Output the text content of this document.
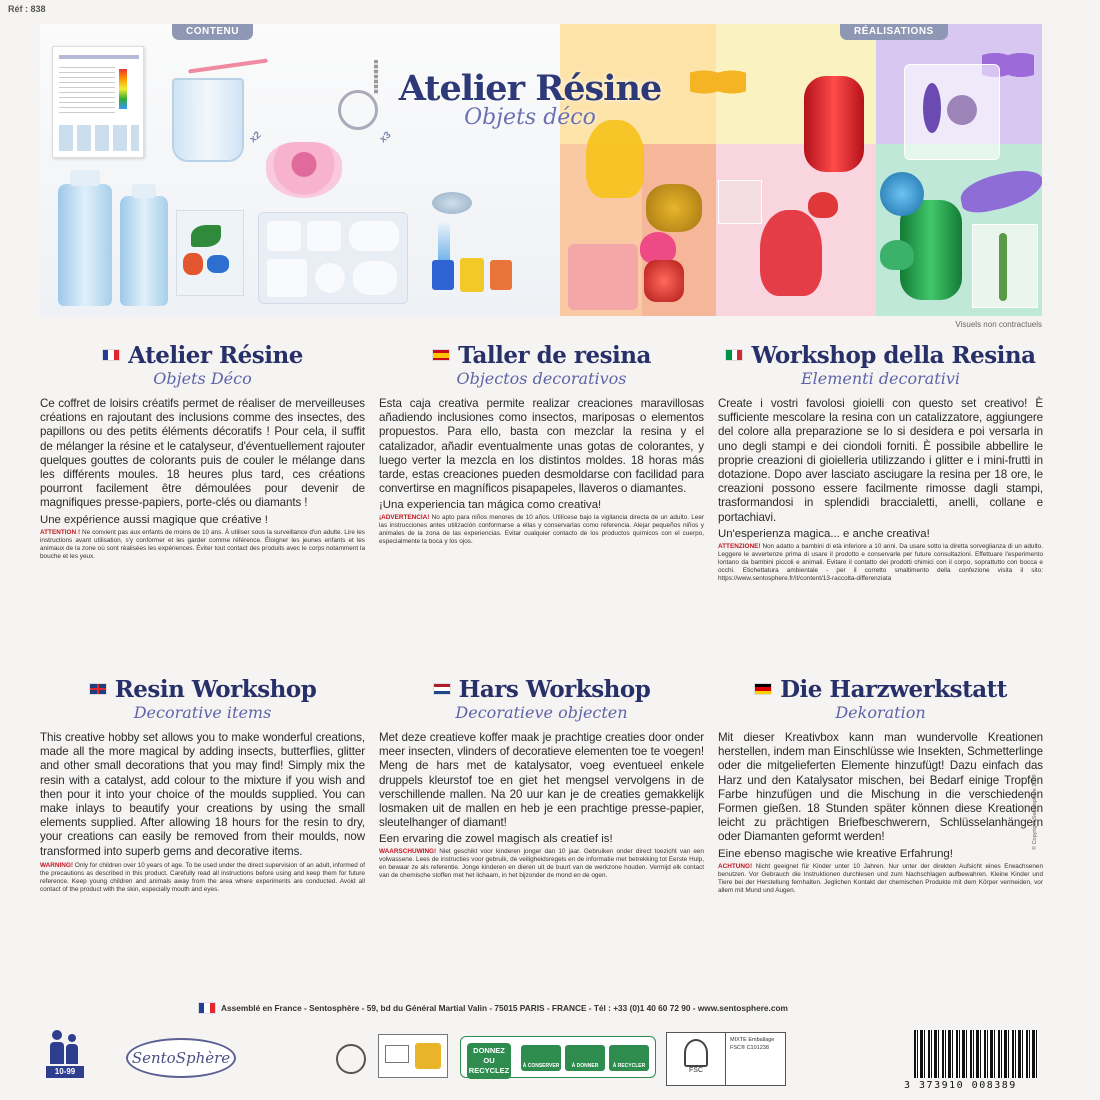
Réf : 838
CONTENU
x2	x3
RÉALISATIONS
Atelier Résine
Objets déco
Visuels non contractuels
Atelier Résine
Objets Déco
Ce coffret de loisirs créatifs permet de réaliser de merveilleuses créations en rajoutant des inclusions comme des insectes, des papillons ou des petits éléments décoratifs ! Pour cela, il suffit de mélanger la résine et le catalyseur, d'éventuellement rajouter quelques gouttes de colorants puis de couler le mélange dans les différents moules. 18 heures plus tard, ces créations pourront facilement être démoulées pour devenir de magnifiques presse-papiers, porte-clés ou diamants !
Une expérience aussi magique que créative !
ATTENTION ! Ne convient pas aux enfants de moins de 10 ans. À utiliser sous la surveillance d'un adulte. Lire les instructions avant utilisation, s'y conformer et les garder comme référence. Éloigner les jeunes enfants et les animaux de la zone où sont réalisées les expériences. Éviter tout contact des produits avec le corps notamment la bouche et les yeux.
Taller de resina
Objectos decorativos
Esta caja creativa permite realizar creaciones maravillosas añadiendo inclusiones como insectos, mariposas o elementos propuestos. Para ello, basta con mezclar la resina y el catalizador, añadir eventualmente unas gotas de colorantes, y luego verter la mezcla en los distintos moldes. 18 horas más tarde, estas creaciones pueden desmoldarse con facilidad para convertirse en magníficos pisapapeles, llaveros o diamantes.
¡Una experiencia tan mágica como creativa!
¡ADVERTENCIA! No apto para niños menores de 10 años. Utilícese bajo la vigilancia directa de un adulto. Leer las instrucciones antes utilización conformarse a ellas y conservarlas como referencia. Alejar pequeños niños y animales de la zona de las experiencias. Evitar cualquier contacto de los productos químicos con el cuerpo, especialmente la boca y los ojos.
Workshop della Resina
Elementi decorativi
Create i vostri favolosi gioielli con questo set creativo! È sufficiente mescolare la resina con un catalizzatore, aggiungere del colore alla preparazione se lo si desidera e poi versarla in uno degli stampi e dei ciondoli forniti. È possibile abbellire le proprie creazioni di gioielleria utilizzando i glitter e i mini-frutti in dotazione. Dopo aver lasciato asciugare la resina per 18 ore, le creazioni possono essere facilmente rimosse dagli stampi, trasformandosi in splendidi braccialetti, anelli, collane e portachiavi.
Un'esperienza magica... e anche creativa!
ATTENZIONE! Non adatto a bambini di età inferiore a 10 anni. Da usare sotto la diretta sorveglianza di un adulto. Leggere le avvertenze prima di usare il prodotto e conservarle per future consultazioni. Effettuare l'esperimento lontano da bambini piccoli e animali. Evitare il contatto dei prodotti chimici con il corpo, soprattutto con bocca e occhi. Etichettatura ambientale - per il corretto smaltimento della confezione visita il sito: https://www.sentosphere.fr/it/content/13-raccolta-differenziata
Resin Workshop
Decorative items
This creative hobby set allows you to make wonderful creations, made all the more magical by adding insects, butterflies, glitter and other small decorations that you may find! Simply mix the resin with a catalyst, add colour to the mixture if you wish and then pour it into your choice of the moulds supplied. You can make inlays to beautify your creations by using the small elements supplied. After allowing 18 hours for the resin to dry, your creations can easily be removed from their moulds, now transformed into superb gems and decorative items.
WARNING! Only for children over 10 years of age. To be used under the direct supervision of an adult, informed of the precautions as described in this product. Carefully read all instructions before using and keep them for future reference. Keep young children and animals away from the area where experiments are conducted. Avoid all contact of the product with the skin, especially mouth and eyes.
Hars Workshop
Decoratieve objecten
Met deze creatieve koffer maak je prachtige creaties door onder meer insecten, vlinders of decoratieve elementen toe te voegen! Meng de hars met de katalysator, voeg eventueel enkele druppels kleurstof toe en giet het mengsel vervolgens in de verschillende mallen. Na 20 uur kan je de creaties gemakkelijk losmaken uit de mallen en heb je een prachtige presse-papier, sleutelhanger of diamant!
Een ervaring die zowel magisch als creatief is!
WAARSCHUWING! Niet geschikt voor kinderen jonger dan 10 jaar. Gebruiken onder direct toezicht van een volwassene. Lees de instructies voor gebruik, de veiligheidsregels en de informatie met betrekking tot Eerste Hulp, en bewaar ze als referentie. Jonge kinderen en dieren uit de buurt van de werkzone houden. Vermijd elk contact van de chemische stoffen met het lichaam, in het bijzonder de mond en de ogen.
Die Harzwerkstatt
Dekoration
Mit dieser Kreativbox kann man wundervolle Kreationen herstellen, indem man Einschlüsse wie Insekten, Schmetterlinge oder die mitgelieferten Elemente hinzufügt! Dazu einfach das Harz und den Katalysator mischen, bei Bedarf einige Tropfen Farbe hinzufügen und die Mischung in die verschiedenen Formen gießen. 18 Stunden später können diese Kreationen leicht zu prächtigen Briefbeschwerern, Schlüsselanhängern oder Diamanten geformt werden!
Eine ebenso magische wie kreative Erfahrung!
ACHTUNG! Nicht geeignet für Kinder unter 10 Jahren. Nur unter der direkten Aufsicht eines Erwachsenen benutzen. Vor Gebrauch die Instruktionen durchlesen und zum Nachschlagen aufbewahren. Kleine Kinder und Tiere bei der Herstellung fernhalten. Jeglichen Kontakt der chemischen Produkte mit dem Körper vermeiden, vor allem mit Mund und Augen.
© Copyright Sentosphère 2019
Assemblé en France - Sentosphère - 59, bd du Général Martial Valin - 75015 PARIS - FRANCE - Tél : +33 (0)1 40 60 72 90 - www.sentosphere.com
10-99
SentoSphère	DONNEZ OU RECYCLEZ	À CONSERVER	À DONNER	À RECYCLER
FSC
MIXTE Emballage FSC® C101238
3 373910 008389
